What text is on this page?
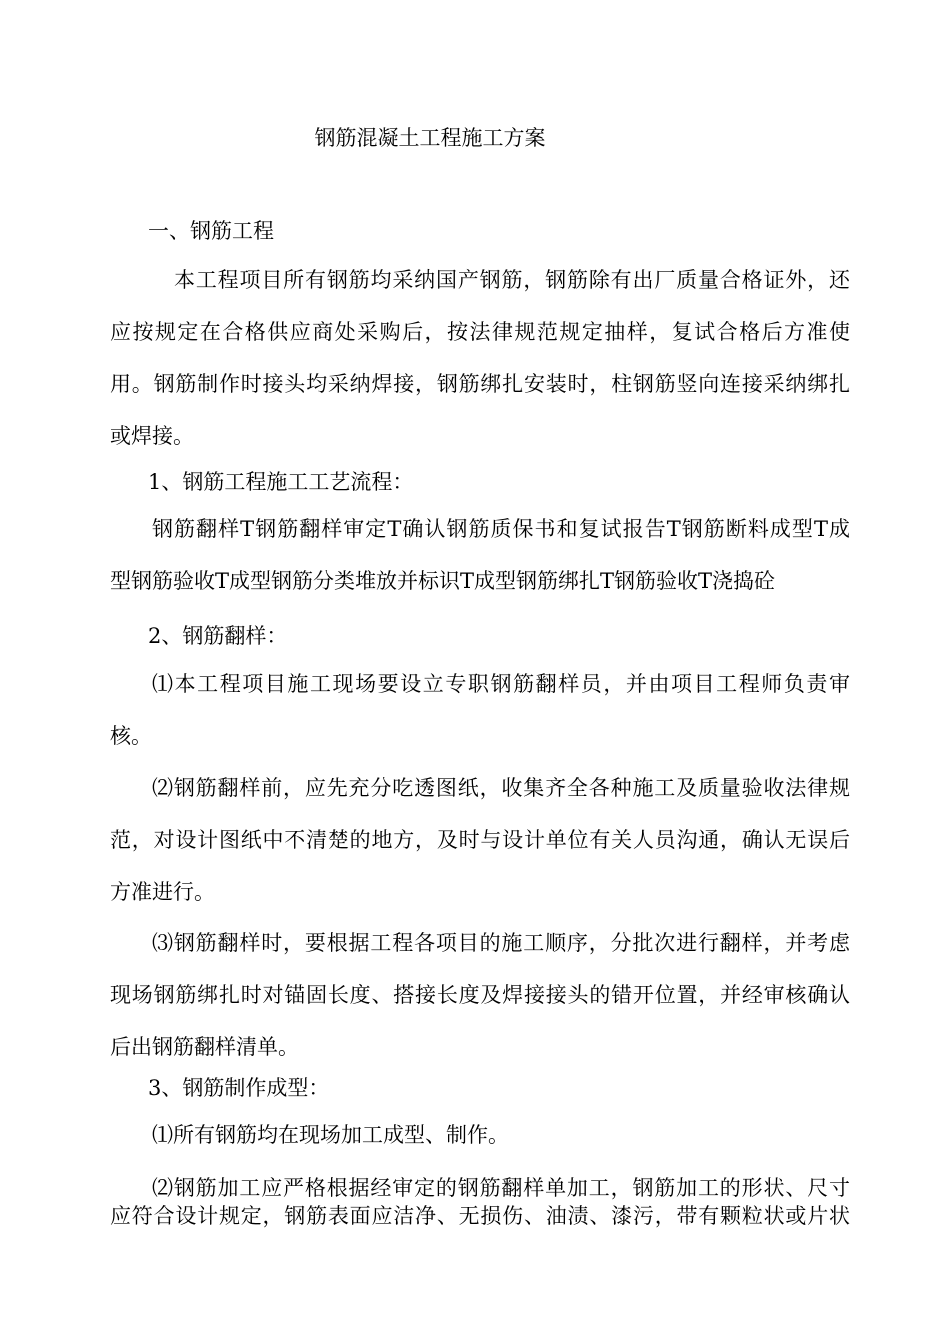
钢筋混凝土工程施工方案
一、钢筋工程
本工程项目所有钢筋均采纳国产钢筋，钢筋除有出厂质量合格证外，还
应按规定在合格供应商处采购后，按法律规范规定抽样，复试合格后方准使
用。钢筋制作时接头均采纳焊接，钢筋绑扎安装时，柱钢筋竖向连接采纳绑扎
或焊接。
1、钢筋工程施工工艺流程：
钢筋翻样T钢筋翻样审定T确认钢筋质保书和复试报告T钢筋断料成型T成
型钢筋验收T成型钢筋分类堆放并标识T成型钢筋绑扎T钢筋验收T浇捣砼
2、钢筋翻样：
⑴本工程项目施工现场要设立专职钢筋翻样员，并由项目工程师负责审
核。
⑵钢筋翻样前，应先充分吃透图纸，收集齐全各种施工及质量验收法律规
范，对设计图纸中不清楚的地方，及时与设计单位有关人员沟通，确认无误后
方准进行。
⑶钢筋翻样时，要根据工程各项目的施工顺序，分批次进行翻样，并考虑
现场钢筋绑扎时对锚固长度、搭接长度及焊接接头的错开位置，并经审核确认
后出钢筋翻样清单。
3、钢筋制作成型：
⑴所有钢筋均在现场加工成型、制作。
⑵钢筋加工应严格根据经审定的钢筋翻样单加工，钢筋加工的形状、尺寸
应符合设计规定，钢筋表面应洁净、无损伤、油渍、漆污，带有颗粒状或片状
